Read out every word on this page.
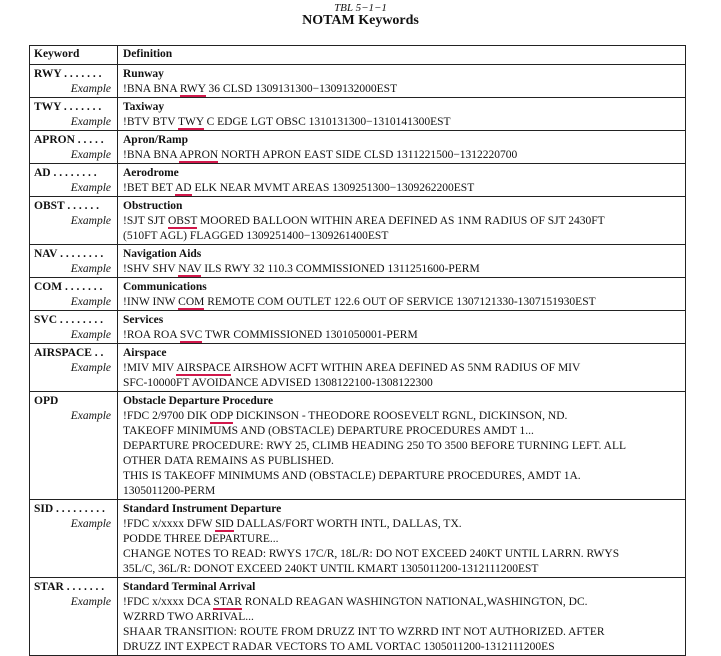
TBL 5−1−1
NOTAM Keywords
Keyword	Definition
RWY . . . . . . .
Example
Runway
!BNA BNA RWY 36 CLSD 1309131300−1309132000EST
TWY . . . . . . .
Example
Taxiway
!BTV BTV TWY C EDGE LGT OBSC 1310131300−1310141300EST
APRON . . . . .
Example
Apron/Ramp
!BNA BNA APRON NORTH APRON EAST SIDE CLSD 1311221500−1312220700
AD . . . . . . . .
Example
Aerodrome
!BET BET AD ELK NEAR MVMT AREAS 1309251300−1309262200EST
OBST . . . . . .
Example
Obstruction
!SJT SJT OBST MOORED BALLOON WITHIN AREA DEFINED AS 1NM RADIUS OF SJT 2430FT
(510FT AGL) FLAGGED 1309251400−1309261400EST
NAV . . . . . . . .
Example
Navigation Aids
!SHV SHV NAV ILS RWY 32 110.3 COMMISSIONED 1311251600-PERM
COM . . . . . . .
Example
Communications
!INW INW COM REMOTE COM OUTLET 122.6 OUT OF SERVICE 1307121330-1307151930EST
SVC . . . . . . . .
Example
Services
!ROA ROA SVC TWR COMMISSIONED 1301050001-PERM
AIRSPACE . .
Example
Airspace
!MIV MIV AIRSPACE AIRSHOW ACFT WITHIN AREA DEFINED AS 5NM RADIUS OF MIV
SFC-10000FT AVOIDANCE ADVISED 1308122100-1308122300
OPD
Example
Obstacle Departure Procedure
!FDC 2/9700 DIK ODP DICKINSON - THEODORE ROOSEVELT RGNL, DICKINSON, ND.
TAKEOFF MINIMUMS AND (OBSTACLE) DEPARTURE PROCEDURES AMDT 1...
DEPARTURE PROCEDURE: RWY 25, CLIMB HEADING 250 TO 3500 BEFORE TURNING LEFT. ALL
OTHER DATA REMAINS AS PUBLISHED.
THIS IS TAKEOFF MINIMUMS AND (OBSTACLE) DEPARTURE PROCEDURES, AMDT 1A.
1305011200-PERM
SID . . . . . . . . .
Example
Standard Instrument Departure
!FDC x/xxxx DFW SID DALLAS/FORT WORTH INTL, DALLAS, TX.
PODDE THREE DEPARTURE...
CHANGE NOTES TO READ: RWYS 17C/R, 18L/R: DO NOT EXCEED 240KT UNTIL LARRN. RWYS
35L/C, 36L/R: DONOT EXCEED 240KT UNTIL KMART 1305011200-1312111200EST
STAR . . . . . . .
Example
Standard Terminal Arrival
!FDC x/xxxx DCA STAR RONALD REAGAN WASHINGTON NATIONAL,WASHINGTON, DC.
WZRRD TWO ARRIVAL...
SHAAR TRANSITION: ROUTE FROM DRUZZ INT TO WZRRD INT NOT AUTHORIZED. AFTER
DRUZZ INT EXPECT RADAR VECTORS TO AML VORTAC 1305011200-1312111200ES
